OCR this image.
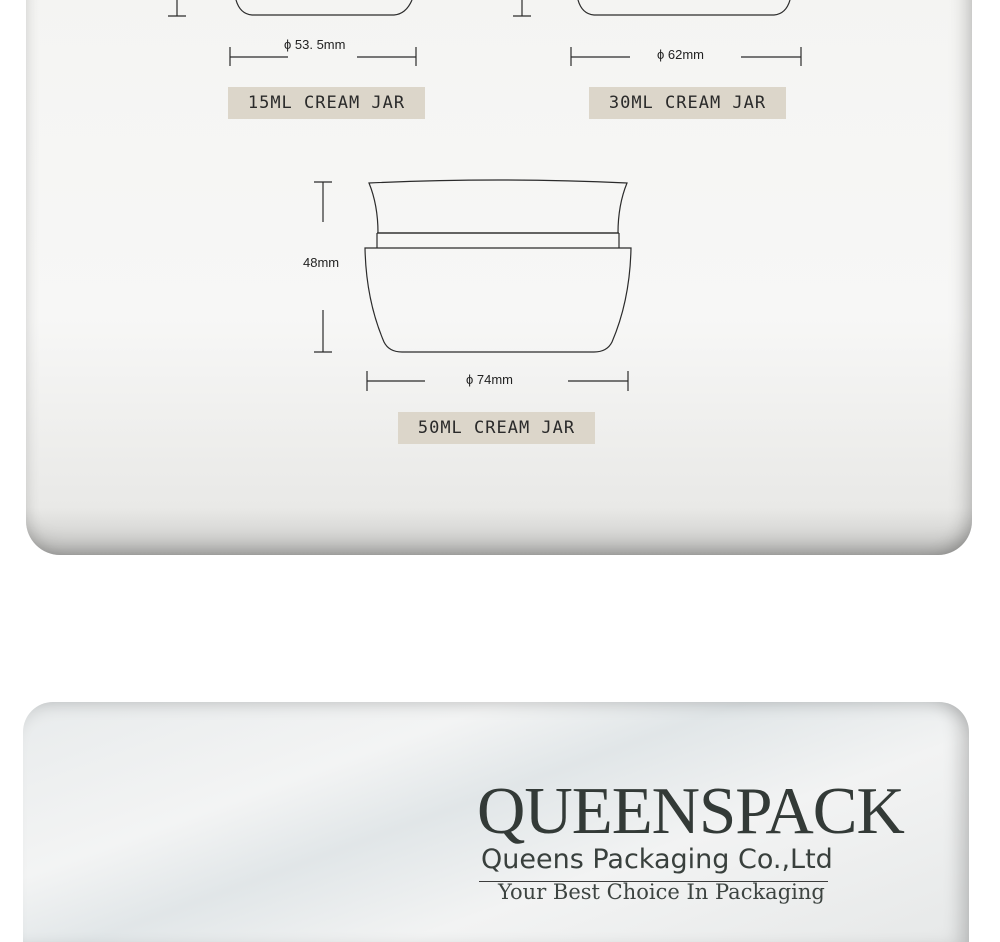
ϕ 53. 5mm
ϕ 62mm
ϕ 74mm
48mm
15ML CREAM JAR	30ML CREAM JAR
50ML CREAM JAR
QUEENSPACK
Queens Packaging Co.,Ltd
Your Best Choice In Packaging
